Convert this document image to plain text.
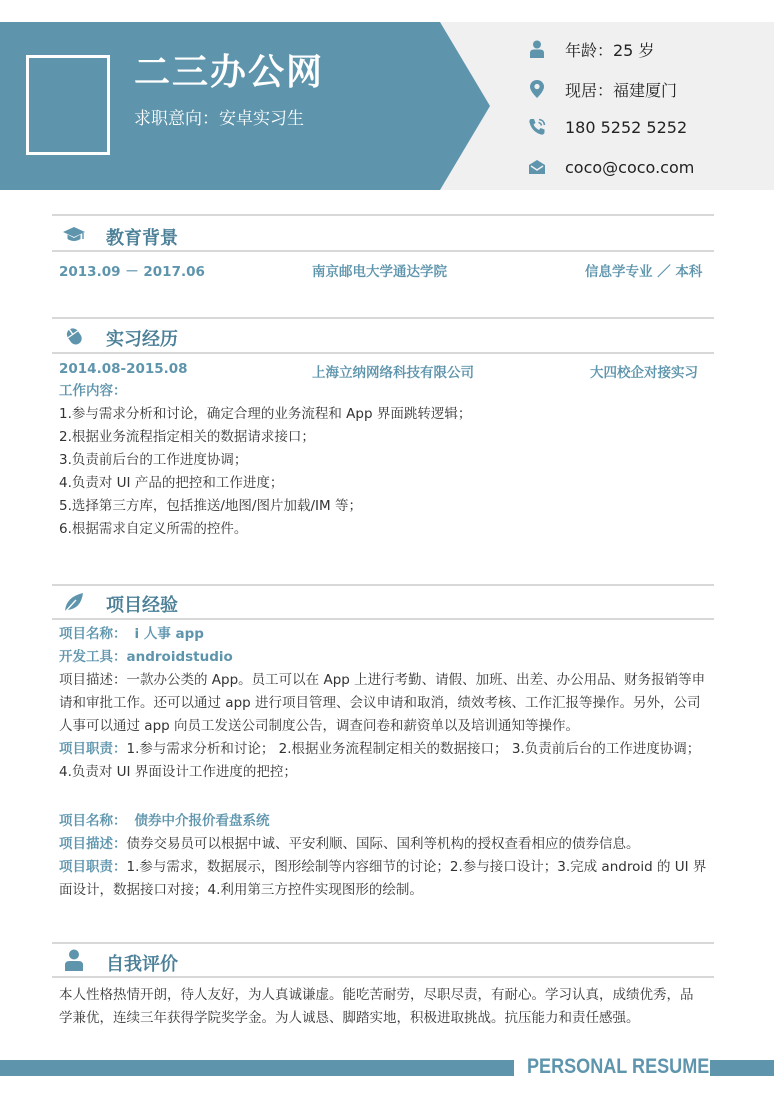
二三办公网
求职意向：安卓实习生
年龄：25 岁
现居：福建厦门
180 5252 5252
coco@coco.com
教育背景
2013.09 － 2017.06	南京邮电大学通达学院	信息学专业 ／ 本科
实习经历
2014.08-2015.08	上海立纳网络科技有限公司	大四校企对接实习
工作内容：
1.参与需求分析和讨论，确定合理的业务流程和 App 界面跳转逻辑；
2.根据业务流程指定相关的数据请求接口；
3.负责前后台的工作进度协调；
4.负责对 UI 产品的把控和工作进度；
5.选择第三方库，包括推送/地图/图片加载/IM 等；
6.根据需求自定义所需的控件。
项目经验
项目名称： i 人事 app
开发工具：androidstudio
项目描述：一款办公类的 App。员工可以在 App 上进行考勤、请假、加班、出差、办公用品、财务报销等申
请和审批工作。还可以通过 app 进行项目管理、会议申请和取消，绩效考核、工作汇报等操作。另外，公司
人事可以通过 app 向员工发送公司制度公告，调查问卷和薪资单以及培训通知等操作。
项目职责：1.参与需求分析和讨论； 2.根据业务流程制定相关的数据接口； 3.负责前后台的工作进度协调；
4.负责对 UI 界面设计工作进度的把控；
项目名称： 债券中介报价看盘系统
项目描述：债券交易员可以根据中诚、平安利顺、国际、国利等机构的授权查看相应的债券信息。
项目职责：1.参与需求，数据展示，图形绘制等内容细节的讨论；2.参与接口设计；3.完成 android 的 UI 界
面设计，数据接口对接；4.利用第三方控件实现图形的绘制。
自我评价
本人性格热情开朗，待人友好，为人真诚谦虚。能吃苦耐劳，尽职尽责，有耐心。学习认真，成绩优秀，品
学兼优，连续三年获得学院奖学金。为人诚恳、脚踏实地，积极进取挑战。抗压能力和责任感强。
PERSONAL RESUME
